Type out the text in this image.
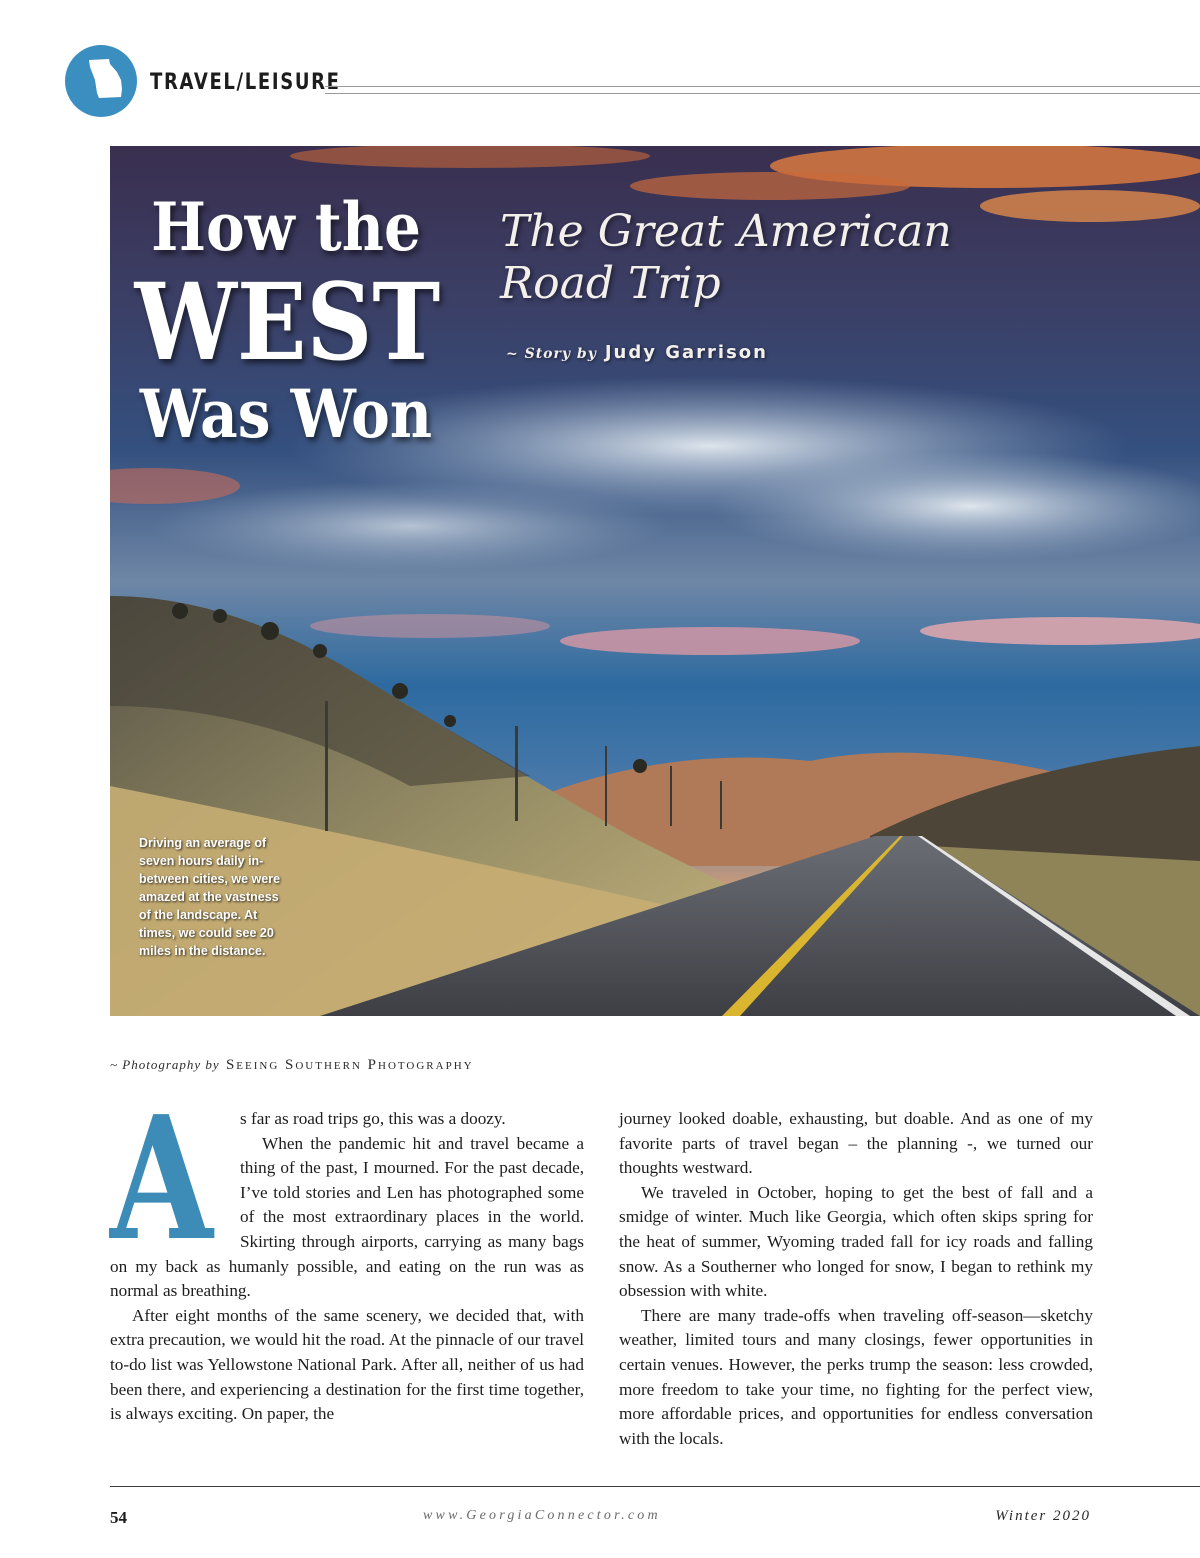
TRAVEL/LEISURE
How the
WEST
Was Won
The Great American
Road Trip
~ Story by Judy Garrison
Driving an average of seven hours daily in-between cities, we were amazed at the vastness of the landscape. At times, we could see 20 miles in the distance.
~ Photography by Seeing Southern Photography
A	s far as road trips go, this was a doozy.

When the pandemic hit and travel became a thing of the past, I mourned. For the past decade, I’ve told stories and Len has photographed some of the most extraordinary places in the world. Skirting through airports, carrying as many bags on my back as humanly possible, and eating on the run was as normal as breathing.

After eight months of the same scenery, we decided that, with extra precaution, we would hit the road. At the pinnacle of our travel to-do list was Yellowstone National Park. After all, neither of us had been there, and experiencing a destination for the first time together, is always exciting. On paper, the

journey looked doable, exhausting, but doable. And as one of my favorite parts of travel began – the planning -, we turned our thoughts westward.

We traveled in October, hoping to get the best of fall and a smidge of winter. Much like Georgia, which often skips spring for the heat of summer, Wyoming traded fall for icy roads and falling snow. As a Southerner who longed for snow, I began to rethink my obsession with white.

There are many trade-offs when traveling off-season—sketchy weather, limited tours and many closings, fewer opportunities in certain venues. However, the perks trump the season: less crowded, more freedom to take your time, no fighting for the perfect view, more affordable prices, and opportunities for endless conversation with the locals.

54	www.GeorgiaConnector.com	Winter 2020
